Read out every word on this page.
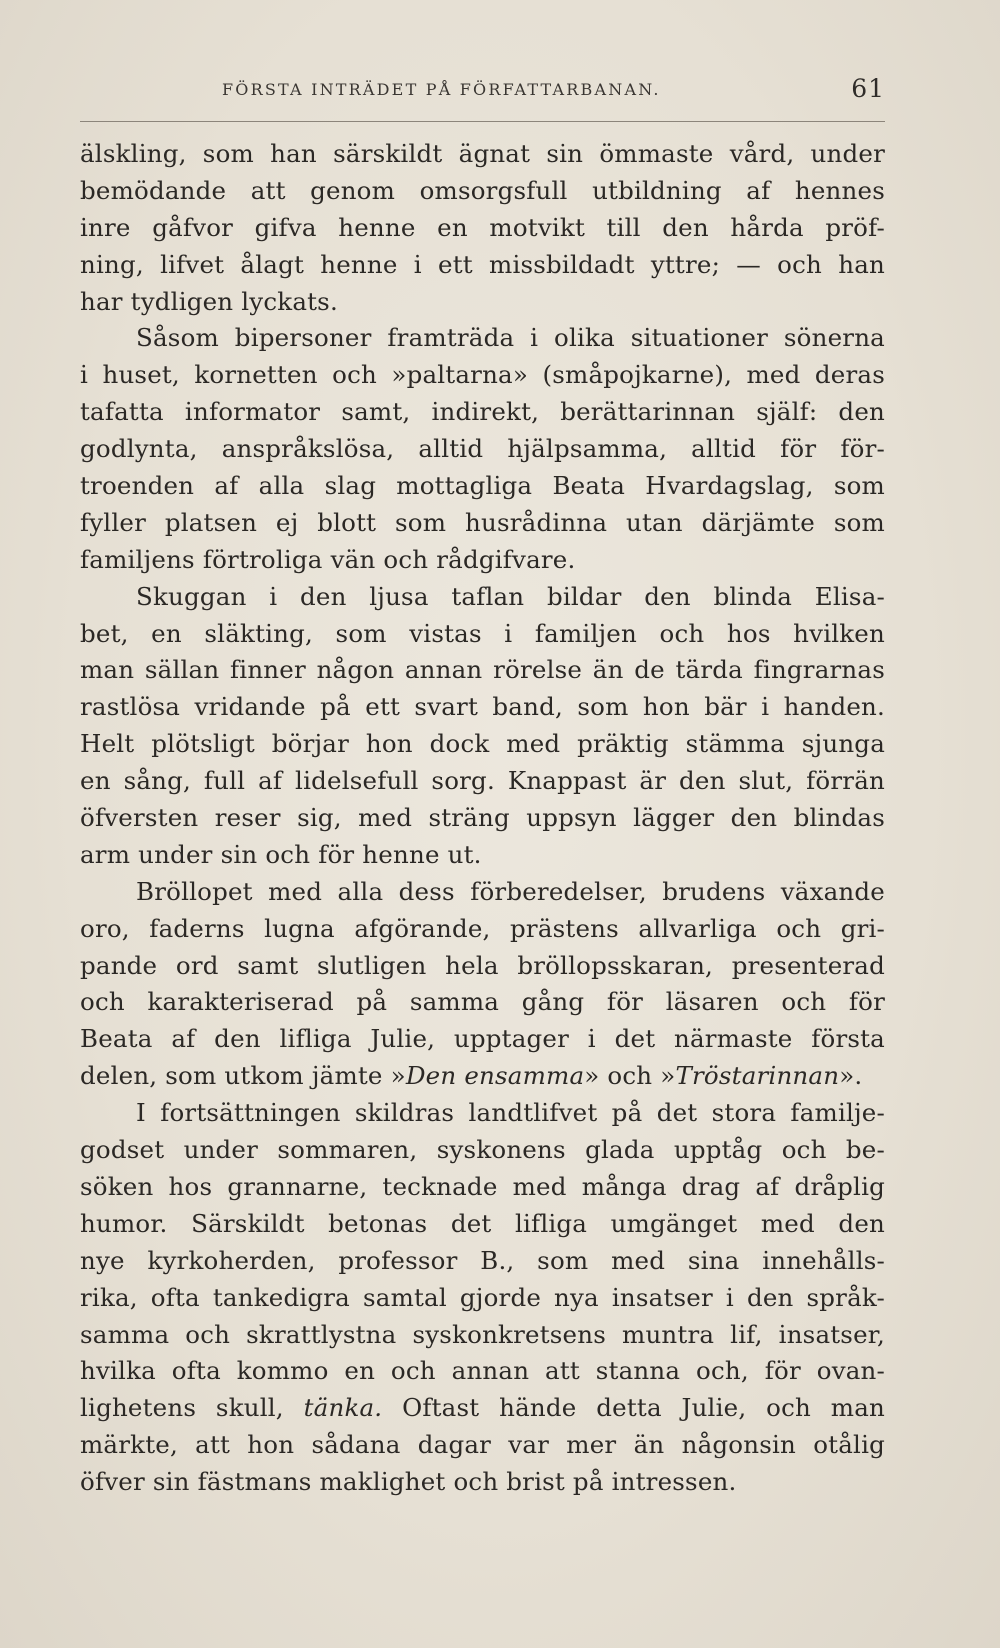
FÖRSTA INTRÄDET PÅ FÖRFATTARBANAN.	61
älskling, som han särskildt ägnat sin ömmaste vård, under
bemödande att genom omsorgsfull utbildning af hennes
inre gåfvor gifva henne en motvikt till den hårda pröf-
ning, lifvet ålagt henne i ett missbildadt yttre; — och han
har tydligen lyckats.
Såsom bipersoner framträda i olika situationer sönerna
i huset, kornetten och »paltarna» (småpojkarne), med deras
tafatta informator samt, indirekt, berättarinnan själf: den
godlynta, anspråkslösa, alltid hjälpsamma, alltid för för-
troenden af alla slag mottagliga Beata Hvardagslag, som
fyller platsen ej blott som husrådinna utan därjämte som
familjens förtroliga vän och rådgifvare.
Skuggan i den ljusa taflan bildar den blinda Elisa-
bet, en släkting, som vistas i familjen och hos hvilken
man sällan finner någon annan rörelse än de tärda fingrarnas
rastlösa vridande på ett svart band, som hon bär i handen.
Helt plötsligt börjar hon dock med präktig stämma sjunga
en sång, full af lidelsefull sorg. Knappast är den slut, förrän
öfversten reser sig, med sträng uppsyn lägger den blindas
arm under sin och för henne ut.
Bröllopet med alla dess förberedelser, brudens växande
oro, faderns lugna afgörande, prästens allvarliga och gri-
pande ord samt slutligen hela bröllopsskaran, presenterad
och karakteriserad på samma gång för läsaren och för
Beata af den lifliga Julie, upptager i det närmaste första
delen, som utkom jämte »Den ensamma» och »Tröstarinnan».
I fortsättningen skildras landtlifvet på det stora familje-
godset under sommaren, syskonens glada upptåg och be-
söken hos grannarne, tecknade med många drag af dråplig
humor. Särskildt betonas det lifliga umgänget med den
nye kyrkoherden, professor B., som med sina innehålls-
rika, ofta tankedigra samtal gjorde nya insatser i den språk-
samma och skrattlystna syskonkretsens muntra lif, insatser,
hvilka ofta kommo en och annan att stanna och, för ovan-
lighetens skull, tänka. Oftast hände detta Julie, och man
märkte, att hon sådana dagar var mer än någonsin otålig
öfver sin fästmans maklighet och brist på intressen.
